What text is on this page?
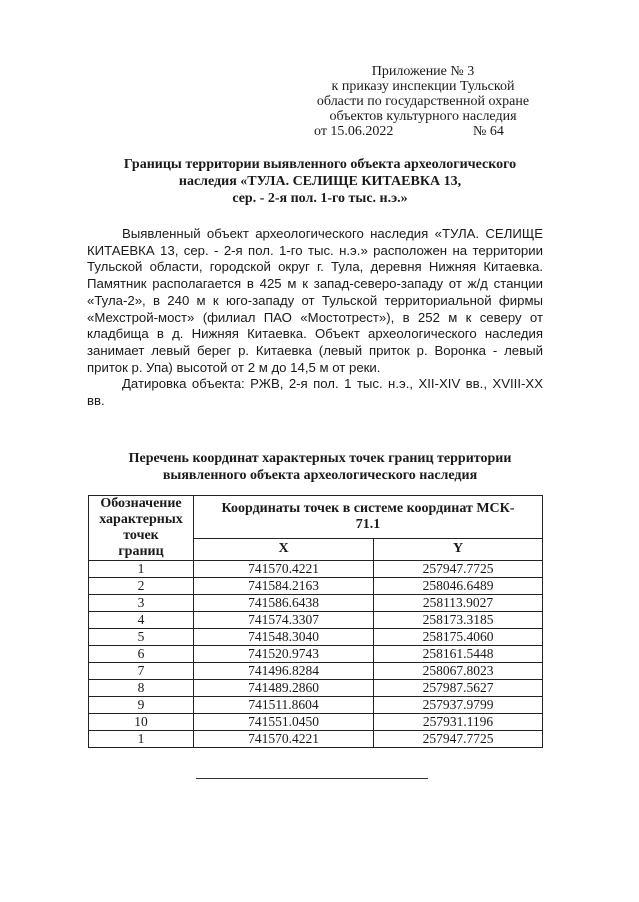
Приложение № 3
к приказу инспекции Тульской
области по государственной охране
объектов культурного наследия
от 15.06.2022	№ 64
Границы территории выявленного объекта археологического
наследия «ТУЛА. СЕЛИЩЕ КИТАЕВКА 13,
сер. - 2-я пол. 1-го тыс. н.э.»

Выявленный объект археологического наследия «ТУЛА. СЕЛИЩЕ КИТАЕВКА 13, сер. - 2-я пол. 1-го тыс. н.э.» расположен на территории Тульской области, городской округ г. Тула, деревня Нижняя Китаевка. Памятник располагается в 425 м к запад-северо-западу от ж/д станции «Тула-2», в 240 м к юго-западу от Тульской территориальной фирмы «Мехстрой-мост» (филиал ПАО «Мостотрест»), в 252 м к северу от кладбища в д. Нижняя Китаевка. Объект археологического наследия занимает левый берег р. Китаевка (левый приток р. Воронка - левый приток р. Упа) высотой от 2 м до 14,5 м от реки.

Датировка объекта: РЖВ, 2-я пол. 1 тыс. н.э., XII-XIV вв., XVIII-XX вв.

Перечень координат характерных точек границ территории
выявленного объекта археологического наследия
Обозначение
характерных
точек
границ	Координаты точек в системе координат МСК-
71.1	
	X	Y
1	741570.4221	257947.7725
2	741584.2163	258046.6489
3	741586.6438	258113.9027
4	741574.3307	258173.3185
5	741548.3040	258175.4060
6	741520.9743	258161.5448
7	741496.8284	258067.8023
8	741489.2860	257987.5627
9	741511.8604	257937.9799
10	741551.0450	257931.1196
1	741570.4221	257947.7725
